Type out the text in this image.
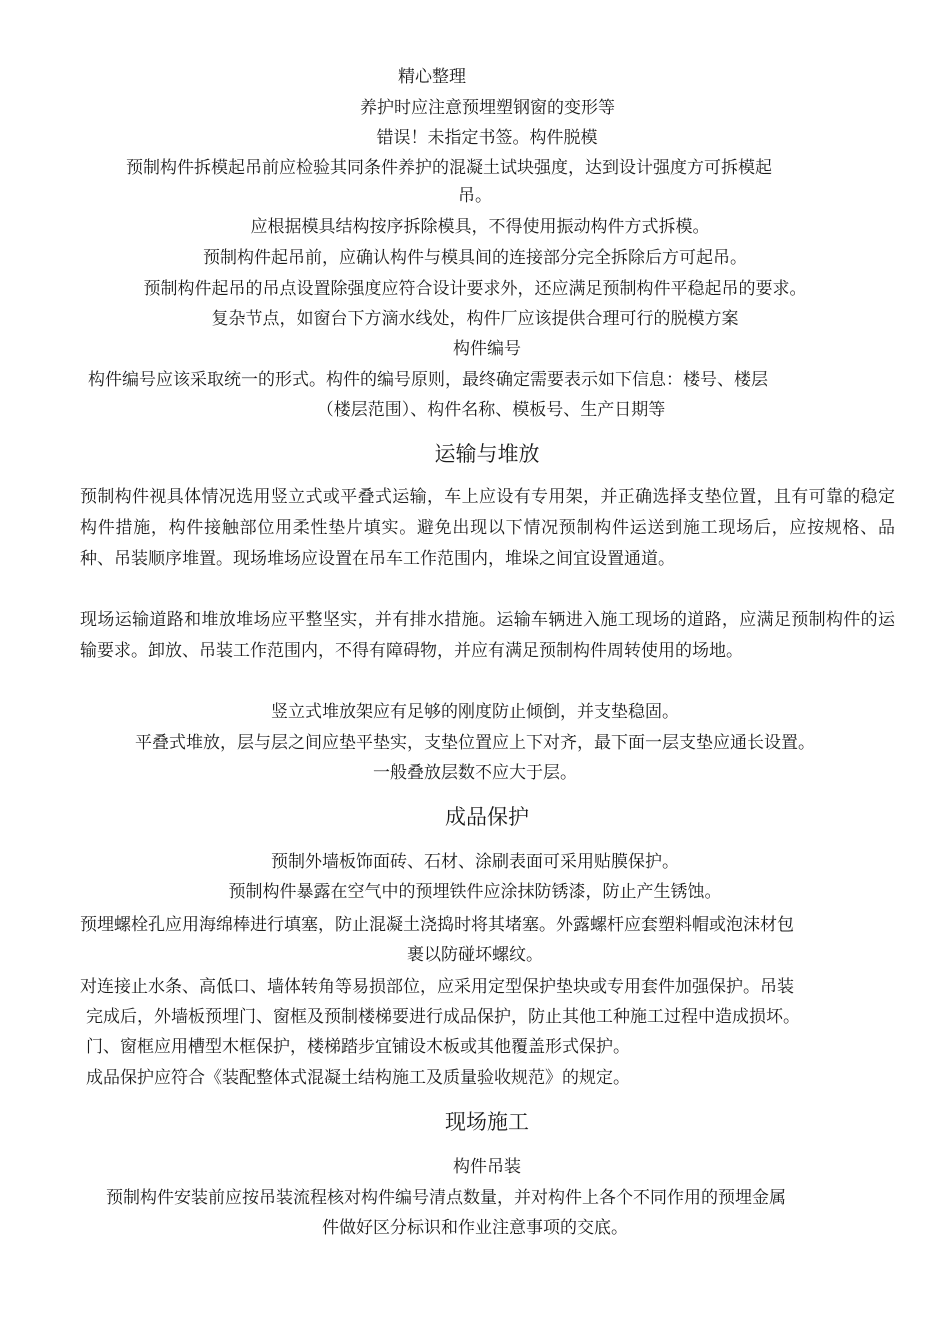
精心整理
养护时应注意预埋塑钢窗的变形等
错误！未指定书签。构件脱模
预制构件拆模起吊前应检验其同条件养护的混凝土试块强度，达到设计强度方可拆模起
吊。
应根据模具结构按序拆除模具，不得使用振动构件方式拆模。
预制构件起吊前，应确认构件与模具间的连接部分完全拆除后方可起吊。
预制构件起吊的吊点设置除强度应符合设计要求外，还应满足预制构件平稳起吊的要求。
复杂节点，如窗台下方滴水线处，构件厂应该提供合理可行的脱模方案
构件编号
构件编号应该采取统一的形式。构件的编号原则，最终确定需要表示如下信息：楼号、楼层
（楼层范围）、构件名称、模板号、生产日期等
运输与堆放
预制构件视具体情况选用竖立式或平叠式运输，车上应设有专用架，并正确选择支垫位置，且有可靠的稳定构件措施，构件接触部位用柔性垫片填实。避免出现以下情况预制构件运送到施工现场后，应按规格、品种、吊装顺序堆置。现场堆场应设置在吊车工作范围内，堆垛之间宜设置通道。
现场运输道路和堆放堆场应平整坚实，并有排水措施。运输车辆进入施工现场的道路，应满足预制构件的运输要求。卸放、吊装工作范围内，不得有障碍物，并应有满足预制构件周转使用的场地。
竖立式堆放架应有足够的刚度防止倾倒，并支垫稳固。
平叠式堆放，层与层之间应垫平垫实，支垫位置应上下对齐，最下面一层支垫应通长设置。
一般叠放层数不应大于层。
成品保护
预制外墙板饰面砖、石材、涂刷表面可采用贴膜保护。
预制构件暴露在空气中的预埋铁件应涂抹防锈漆，防止产生锈蚀。
预埋螺栓孔应用海绵棒进行填塞，防止混凝土浇捣时将其堵塞。外露螺杆应套塑料帽或泡沫材包
裹以防碰坏螺纹。
对连接止水条、高低口、墙体转角等易损部位，应采用定型保护垫块或专用套件加强保护。吊装
完成后，外墙板预埋门、窗框及预制楼梯要进行成品保护，防止其他工种施工过程中造成损坏。
门、窗框应用槽型木框保护，楼梯踏步宜铺设木板或其他覆盖形式保护。
成品保护应符合《装配整体式混凝土结构施工及质量验收规范》的规定。
现场施工
构件吊装
预制构件安装前应按吊装流程核对构件编号清点数量，并对构件上各个不同作用的预埋金属
件做好区分标识和作业注意事项的交底。
